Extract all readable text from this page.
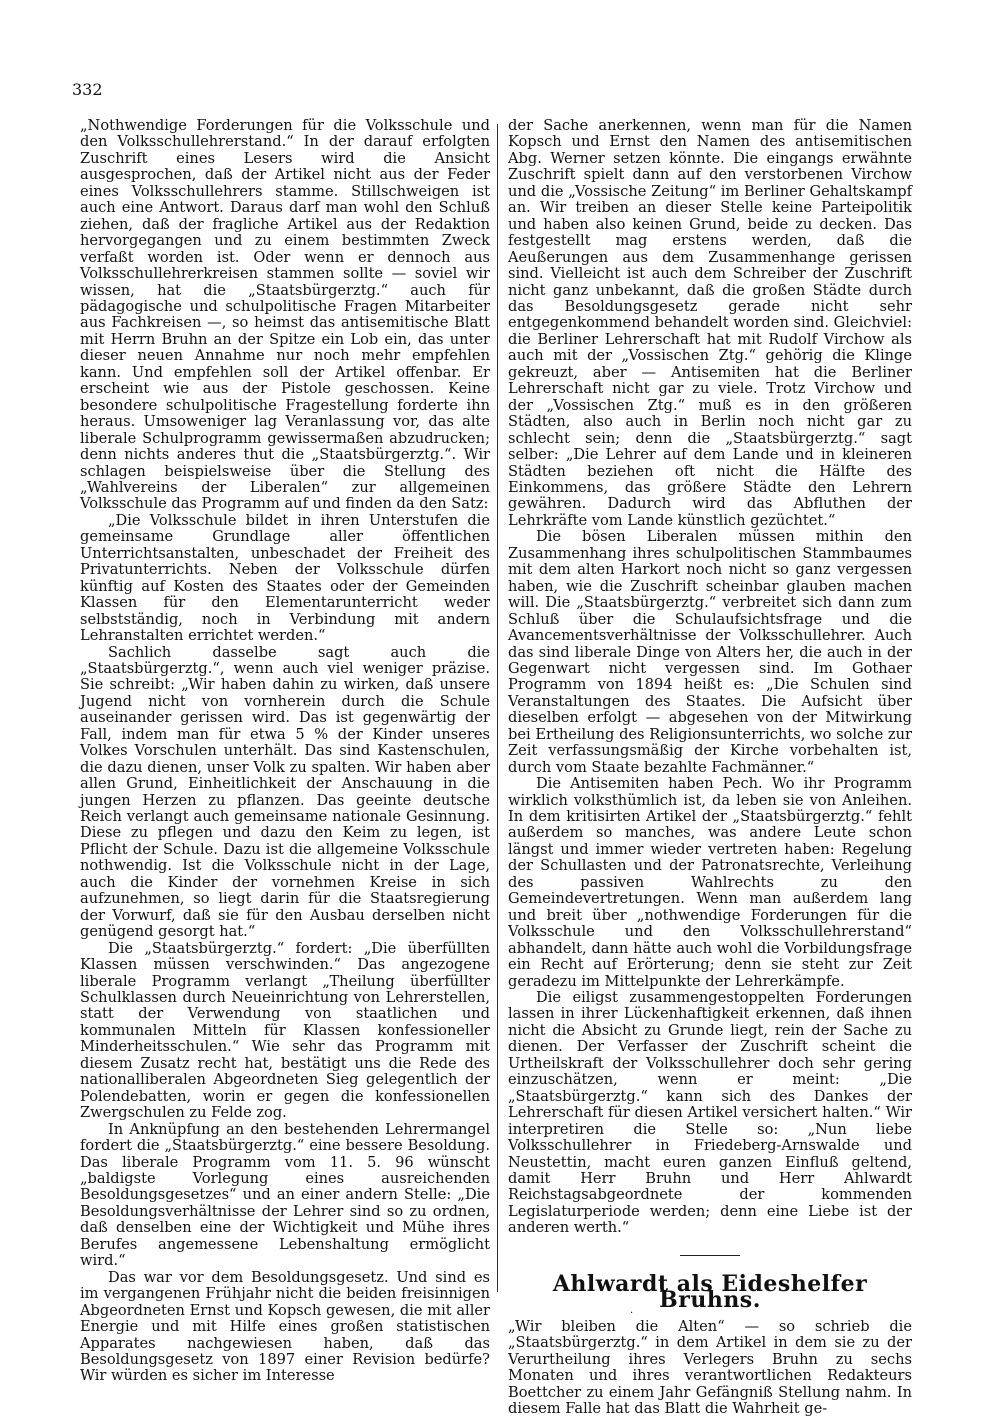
332

„Nothwendige Forderungen für die Volksschule und den Volksschullehrerstand.“ In der darauf erfolgten Zuschrift eines Lesers wird die Ansicht ausgesprochen, daß der Artikel nicht aus der Feder eines Volksschullehrers stamme. Stillschweigen ist auch eine Antwort. Daraus darf man wohl den Schluß ziehen, daß der fragliche Artikel aus der Redaktion hervorgegangen und zu einem bestimmten Zweck verfaßt worden ist. Oder wenn er dennoch aus Volksschullehrerkreisen stammen sollte — soviel wir wissen, hat die „Staatsbürgerztg.“ auch für pädagogische und schulpolitische Fragen Mitarbeiter aus Fachkreisen —, so heimst das antisemitische Blatt mit Herrn Bruhn an der Spitze ein Lob ein, das unter dieser neuen Annahme nur noch mehr empfehlen kann. Und empfehlen soll der Artikel offenbar. Er erscheint wie aus der Pistole geschossen. Keine besondere schulpolitische Fragestellung forderte ihn heraus. Umsoweniger lag Veranlassung vor, das alte liberale Schulprogramm gewissermaßen abzudrucken; denn nichts anderes thut die „Staatsbürgerztg.“. Wir schlagen beispielsweise über die Stellung des „Wahlvereins der Liberalen“ zur allgemeinen Volksschule das Programm auf und finden da den Satz:

„Die Volksschule bildet in ihren Unterstufen die gemeinsame Grundlage aller öffentlichen Unterrichtsanstalten, unbeschadet der Freiheit des Privatunterrichts. Neben der Volksschule dürfen künftig auf Kosten des Staates oder der Gemeinden Klassen für den Elementarunterricht weder selbstständig, noch in Verbindung mit andern Lehranstalten errichtet werden.“

Sachlich dasselbe sagt auch die „Staatsbürgerztg.“, wenn auch viel weniger präzise. Sie schreibt: „Wir haben dahin zu wirken, daß unsere Jugend nicht von vornherein durch die Schule auseinander gerissen wird. Das ist gegenwärtig der Fall, indem man für etwa 5 % der Kinder unseres Volkes Vorschulen unterhält. Das sind Kastenschulen, die dazu dienen, unser Volk zu spalten. Wir haben aber allen Grund, Einheitlichkeit der Anschauung in die jungen Herzen zu pflanzen. Das geeinte deutsche Reich verlangt auch gemeinsame nationale Gesinnung. Diese zu pflegen und dazu den Keim zu legen, ist Pflicht der Schule. Dazu ist die allgemeine Volksschule nothwendig. Ist die Volksschule nicht in der Lage, auch die Kinder der vornehmen Kreise in sich aufzunehmen, so liegt darin für die Staatsregierung der Vorwurf, daß sie für den Ausbau derselben nicht genügend gesorgt hat.“

Die „Staatsbürgerztg.“ fordert: „Die überfüllten Klassen müssen verschwinden.“ Das angezogene liberale Programm verlangt „Theilung überfüllter Schulklassen durch Neueinrichtung von Lehrerstellen, statt der Verwendung von staatlichen und kommunalen Mitteln für Klassen konfessioneller Minderheitsschulen.“ Wie sehr das Programm mit diesem Zusatz recht hat, bestätigt uns die Rede des nationalliberalen Abgeordneten Sieg gelegentlich der Polendebatten, worin er gegen die konfessionellen Zwergschulen zu Felde zog.

In Anknüpfung an den bestehenden Lehrermangel fordert die „Staatsbürgerztg.“ eine bessere Besoldung. Das liberale Programm vom 11. 5. 96 wünscht „baldigste Vorlegung eines ausreichenden Besoldungsgesetzes“ und an einer andern Stelle: „Die Besoldungsverhältnisse der Lehrer sind so zu ordnen, daß denselben eine der Wichtigkeit und Mühe ihres Berufes angemessene Lebenshaltung ermöglicht wird.“

Das war vor dem Besoldungsgesetz. Und sind es im vergangenen Frühjahr nicht die beiden freisinnigen Abgeordneten Ernst und Kopsch gewesen, die mit aller Energie und mit Hilfe eines großen statistischen Apparates nachgewiesen haben, daß das Besoldungsgesetz von 1897 einer Revision bedürfe? Wir würden es sicher im Interesse

der Sache anerkennen, wenn man für die Namen Kopsch und Ernst den Namen des antisemitischen Abg. Werner setzen könnte. Die eingangs erwähnte Zuschrift spielt dann auf den verstorbenen Virchow und die „Vossische Zeitung“ im Berliner Gehaltskampf an. Wir treiben an dieser Stelle keine Parteipolitik und haben also keinen Grund, beide zu decken. Das festgestellt mag erstens werden, daß die Aeußerungen aus dem Zusammenhange gerissen sind. Vielleicht ist auch dem Schreiber der Zuschrift nicht ganz unbekannt, daß die großen Städte durch das Besoldungsgesetz gerade nicht sehr entgegenkommend behandelt worden sind. Gleichviel: die Berliner Lehrerschaft hat mit Rudolf Virchow als auch mit der „Vossischen Ztg.“ gehörig die Klinge gekreuzt, aber — Antisemiten hat die Berliner Lehrerschaft nicht gar zu viele. Trotz Virchow und der „Vossischen Ztg.“ muß es in den größeren Städten, also auch in Berlin noch nicht gar zu schlecht sein; denn die „Staatsbürgerztg.“ sagt selber: „Die Lehrer auf dem Lande und in kleineren Städten beziehen oft nicht die Hälfte des Einkommens, das größere Städte den Lehrern gewähren. Dadurch wird das Abfluthen der Lehrkräfte vom Lande künstlich gezüchtet.“

Die bösen Liberalen müssen mithin den Zusammenhang ihres schulpolitischen Stammbaumes mit dem alten Harkort noch nicht so ganz vergessen haben, wie die Zuschrift scheinbar glauben machen will. Die „Staatsbürgerztg.“ verbreitet sich dann zum Schluß über die Schulaufsichtsfrage und die Avancementsverhältnisse der Volksschullehrer. Auch das sind liberale Dinge von Alters her, die auch in der Gegenwart nicht vergessen sind. Im Gothaer Programm von 1894 heißt es: „Die Schulen sind Veranstaltungen des Staates. Die Aufsicht über dieselben erfolgt — abgesehen von der Mitwirkung bei Ertheilung des Religionsunterrichts, wo solche zur Zeit verfassungsmäßig der Kirche vorbehalten ist, durch vom Staate bezahlte Fachmänner.“

Die Antisemiten haben Pech. Wo ihr Programm wirklich volksthümlich ist, da leben sie von Anleihen. In dem kritisirten Artikel der „Staatsbürgerztg.“ fehlt außerdem so manches, was andere Leute schon längst und immer wieder vertreten haben: Regelung der Schullasten und der Patronatsrechte, Verleihung des passiven Wahlrechts zu den Gemeindevertretungen. Wenn man außerdem lang und breit über „nothwendige Forderungen für die Volksschule und den Volksschullehrerstand“ abhandelt, dann hätte auch wohl die Vorbildungsfrage ein Recht auf Erörterung; denn sie steht zur Zeit geradezu im Mittelpunkte der Lehrerkämpfe.

Die eiligst zusammengestoppelten Forderungen lassen in ihrer Lückenhaftigkeit erkennen, daß ihnen nicht die Absicht zu Grunde liegt, rein der Sache zu dienen. Der Verfasser der Zuschrift scheint die Urtheilskraft der Volksschullehrer doch sehr gering einzuschätzen, wenn er meint: „Die „Staatsbürgerztg.“ kann sich des Dankes der Lehrerschaft für diesen Artikel versichert halten.“ Wir interpretiren die Stelle so: „Nun liebe Volksschullehrer in Friedeberg-Arnswalde und Neustettin, macht euren ganzen Einfluß geltend, damit Herr Bruhn und Herr Ahlwardt Reichstagsabgeordnete der kommenden Legislaturperiode werden; denn eine Liebe ist der anderen werth.“

Ahlwardt als Eideshelfer Bruhns.

„Wir bleiben die Alten“ — so schrieb die „Staatsbürgerztg.“ in dem Artikel in dem sie zu der Verurtheilung ihres Verlegers Bruhn zu sechs Monaten und ihres verantwortlichen Redakteurs Boettcher zu einem Jahr Gefängniß Stellung nahm. In diesem Falle hat das Blatt die Wahrheit ge-

·
